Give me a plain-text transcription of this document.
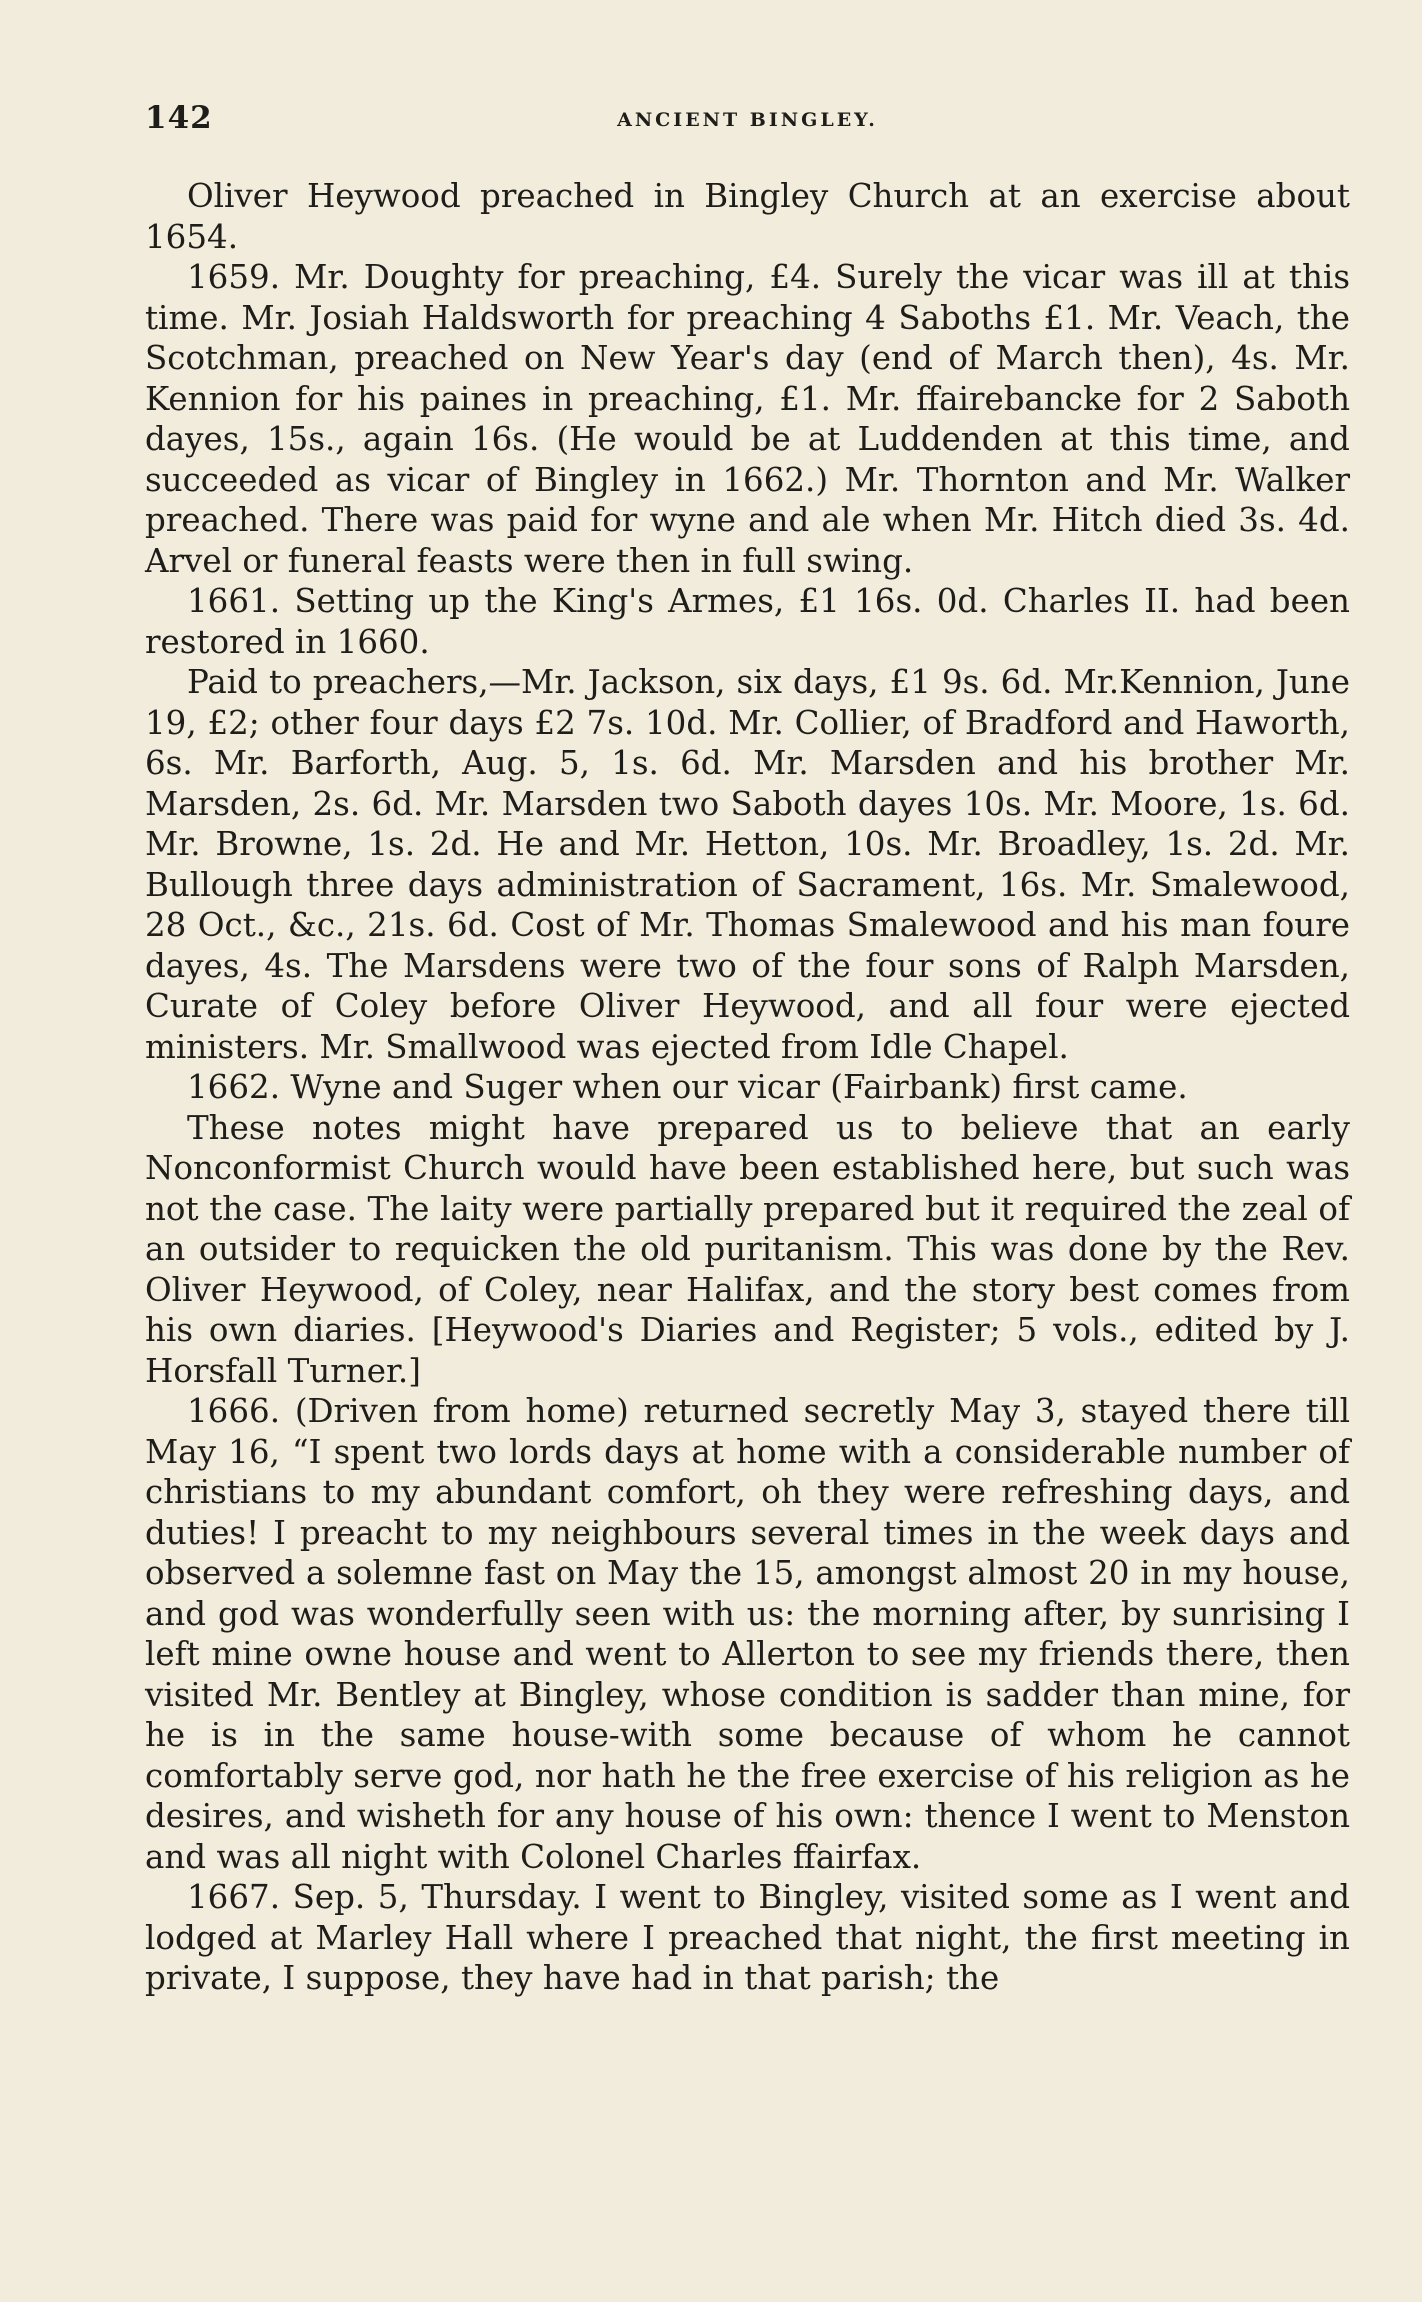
142	ANCIENT BINGLEY.

Oliver Heywood preached in Bingley Church at an exercise about 1654.

1659. Mr. Doughty for preaching, £4. Surely the vicar was ill at this time. Mr. Josiah Haldsworth for preaching 4 Saboths £1. Mr. Veach, the Scotchman, preached on New Year's day (end of March then), 4s. Mr. Kennion for his paines in preaching, £1. Mr. ffairebancke for 2 Saboth dayes, 15s., again 16s. (He would be at Luddenden at this time, and succeeded as vicar of Bingley in 1662.) Mr. Thornton and Mr. Walker preached. There was paid for wyne and ale when Mr. Hitch died 3s. 4d. Arvel or funeral feasts were then in full swing.

1661. Setting up the King's Armes, £1 16s. 0d. Charles II. had been restored in 1660.

Paid to preachers,—Mr. Jackson, six days, £1 9s. 6d. Mr.Kennion, June 19, £2; other four days £2 7s. 10d. Mr. Collier, of Bradford and Haworth, 6s. Mr. Barforth, Aug. 5, 1s. 6d. Mr. Marsden and his brother Mr. Marsden, 2s. 6d. Mr. Marsden two Saboth dayes 10s. Mr. Moore, 1s. 6d. Mr. Browne, 1s. 2d. He and Mr. Hetton, 10s. Mr. Broadley, 1s. 2d. Mr. Bullough three days administration of Sacrament, 16s. Mr. Smalewood, 28 Oct., &c., 21s. 6d. Cost of Mr. Thomas Smalewood and his man foure dayes, 4s. The Marsdens were two of the four sons of Ralph Marsden, Curate of Coley before Oliver Heywood, and all four were ejected ministers. Mr. Smallwood was ejected from Idle Chapel.

1662. Wyne and Suger when our vicar (Fairbank) first came.

These notes might have prepared us to believe that an early Nonconformist Church would have been established here, but such was not the case. The laity were partially prepared but it required the zeal of an outsider to requicken the old puritanism. This was done by the Rev. Oliver Heywood, of Coley, near Halifax, and the story best comes from his own diaries. [Heywood's Diaries and Register; 5 vols., edited by J. Horsfall Turner.]

1666. (Driven from home) returned secretly May 3, stayed there till May 16, “I spent two lords days at home with a considerable number of christians to my abundant comfort, oh they were refreshing days, and duties! I preacht to my neighbours several times in the week days and observed a solemne fast on May the 15, amongst almost 20 in my house, and god was wonderfully seen with us: the morning after, by sunrising I left mine owne house and went to Allerton to see my friends there, then visited Mr. Bentley at Bingley, whose condition is sadder than mine, for he is in the same house-with some because of whom he cannot comfortably serve god, nor hath he the free exercise of his religion as he desires, and wisheth for any house of his own: thence I went to Menston and was all night with Colonel Charles ffairfax.

1667. Sep. 5, Thursday. I went to Bingley, visited some as I went and lodged at Marley Hall where I preached that night, the first meeting in private, I suppose, they have had in that parish; the
